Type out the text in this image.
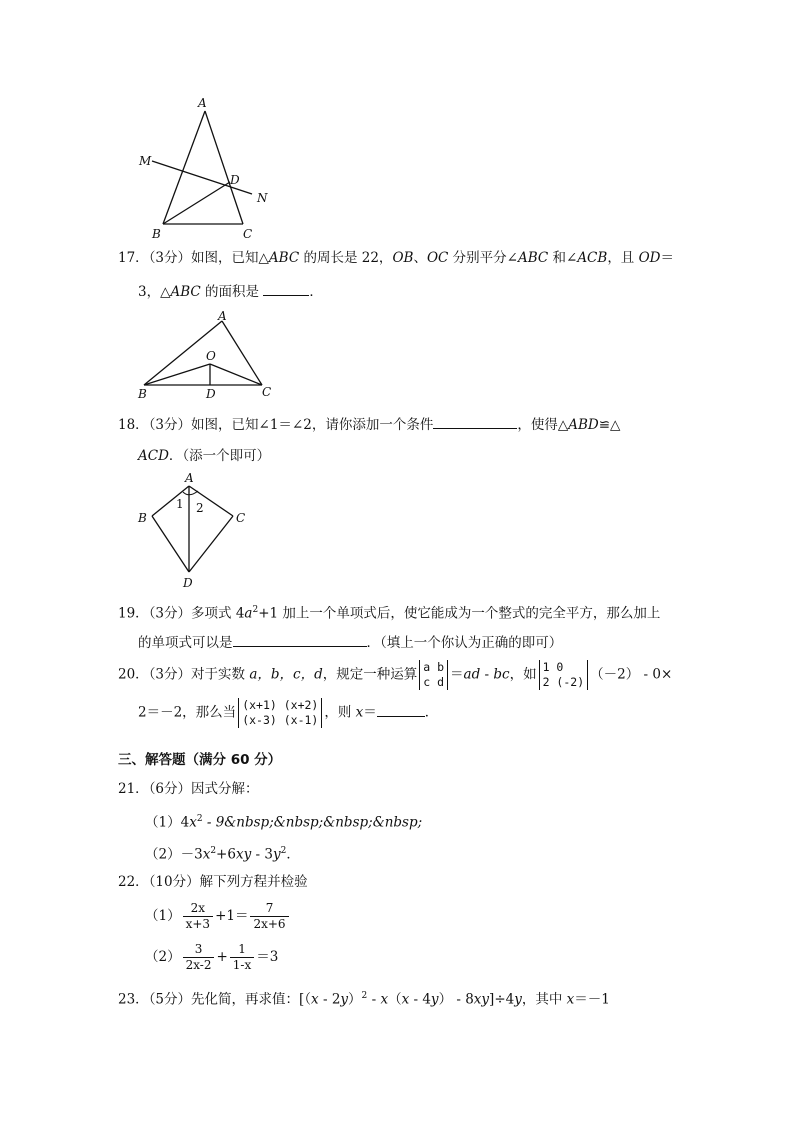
A
M
D
N
B	C
17．（3分）如图，已知△ABC 的周长是 22，OB、OC 分别平分∠ABC 和∠ACB，且 OD＝
3，△ABC 的面积是	．
A
O
B	D	C
18．（3分）如图，已知∠1＝∠2，请你添加一个条件	，使得△ABD≌△
ACD．（添一个即可）
A
1 2
B	C
D
19．（3分）多项式 $4a^2+1$ 加上一个单项式后，使它能成为一个整式的完全平方，那么加上
的单项式可以是	．（填上一个你认为正确的即可）
20．（3分）对于实数 a，b，c，d，规定一种运算 a b
c d ＝ad - bc，如 1 0
2 (-2) （－2） - 0×
2＝－2，那么当 (x+1) (x+2)
(x-3) (x-1) ，则 x＝	．
三、解答题（满分 60 分）
21．（6分）因式分解：
$(1)4x^2$ - 9&nbsp;&nbsp;&nbsp;&nbsp;
$(2)-3x^2+6xy - 3y^2$．
22．（10分）解下列方程并检验
$(1) \frac{2x}{x+3} +1= \frac{7}{2x+6}$
$(2) \frac{3}{2x-2} + \frac{1}{1-x} =3$
23．（5分）先化简，再求值：[（x - 2y）$^2$ - x（x - 4y） - 8xy]÷4y，其中 x＝－1
